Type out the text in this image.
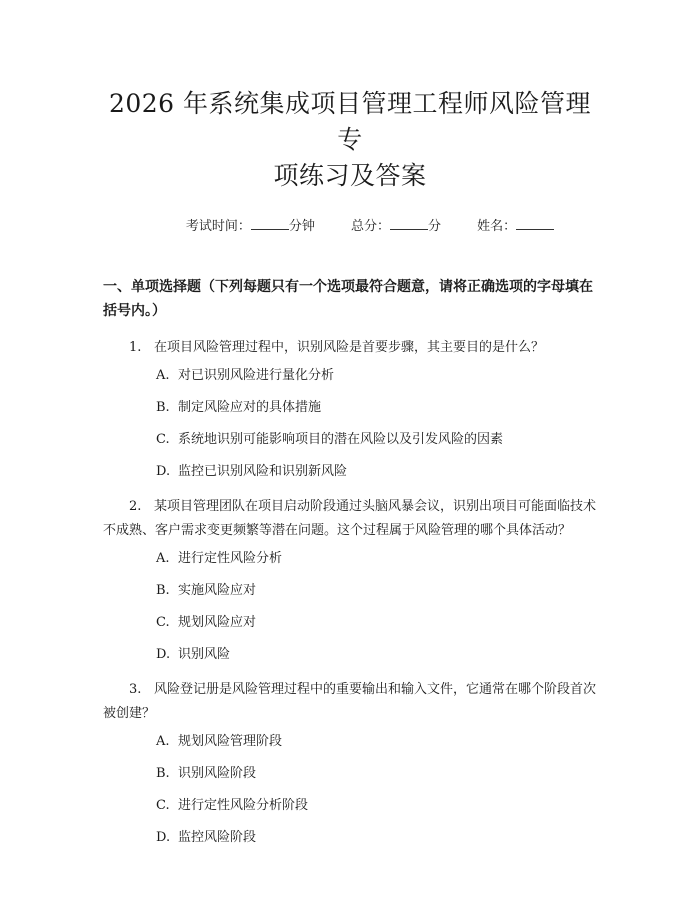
2026 年系统集成项目管理工程师风险管理专
项练习及答案
考试时间：	分钟	总分：	分	姓名：
一、单项选择题（下列每题只有一个选项最符合题意，请将正确选项的字母填在括号内。）
1. 在项目风险管理过程中，识别风险是首要步骤，其主要目的是什么？
A. 对已识别风险进行量化分析
B. 制定风险应对的具体措施
C. 系统地识别可能影响项目的潜在风险以及引发风险的因素
D. 监控已识别风险和识别新风险
2. 某项目管理团队在项目启动阶段通过头脑风暴会议，识别出项目可能面临技术不成熟、客户需求变更频繁等潜在问题。这个过程属于风险管理的哪个具体活动？
A. 进行定性风险分析
B. 实施风险应对
C. 规划风险应对
D. 识别风险
3. 风险登记册是风险管理过程中的重要输出和输入文件，它通常在哪个阶段首次被创建？
A. 规划风险管理阶段
B. 识别风险阶段
C. 进行定性风险分析阶段
D. 监控风险阶段
